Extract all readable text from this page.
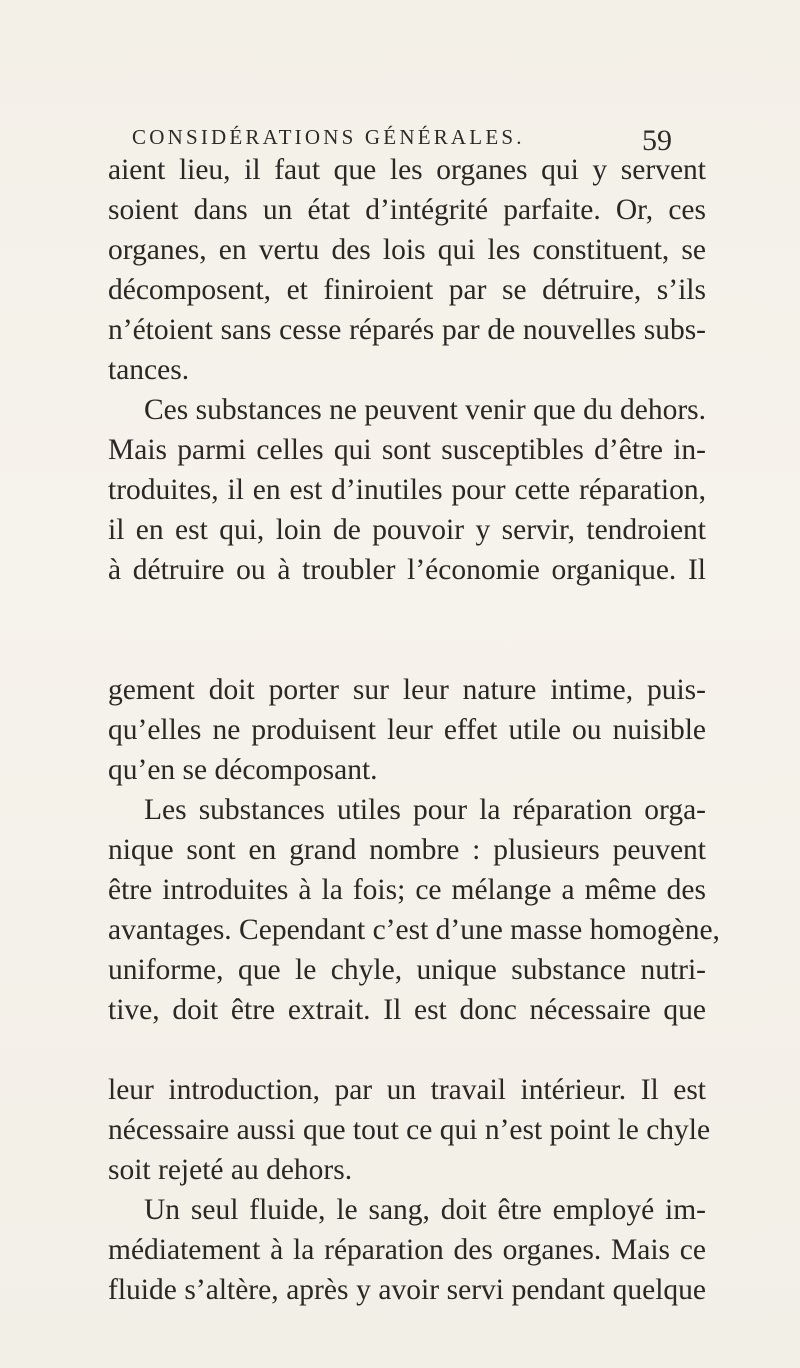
CONSIDÉRATIONS GÉNÉRALES.	59
aient lieu, il faut que les organes qui y servent
soient dans un état d’intégrité parfaite. Or, ces
organes, en vertu des lois qui les constituent, se
décomposent, et finiroient par se détruire, s’ils
n’étoient sans cesse réparés par de nouvelles subs-
tances.
Ces substances ne peuvent venir que du dehors.
Mais parmi celles qui sont susceptibles d’être in-
troduites, il en est d’inutiles pour cette réparation,
il en est qui, loin de pouvoir y servir, tendroient
à détruire ou à troubler l’économie organique. Il
gement doit porter sur leur nature intime, puis-
qu’elles ne produisent leur effet utile ou nuisible
qu’en se décomposant.
Les substances utiles pour la réparation orga-
nique sont en grand nombre : plusieurs peuvent
être introduites à la fois; ce mélange a même des
avantages. Cependant c’est d’une masse homogène,
uniforme, que le chyle, unique substance nutri-
tive, doit être extrait. Il est donc nécessaire que
leur introduction, par un travail intérieur. Il est
nécessaire aussi que tout ce qui n’est point le chyle
soit rejeté au dehors.
Un seul fluide, le sang, doit être employé im-
médiatement à la réparation des organes. Mais ce
fluide s’altère, après y avoir servi pendant quelque
